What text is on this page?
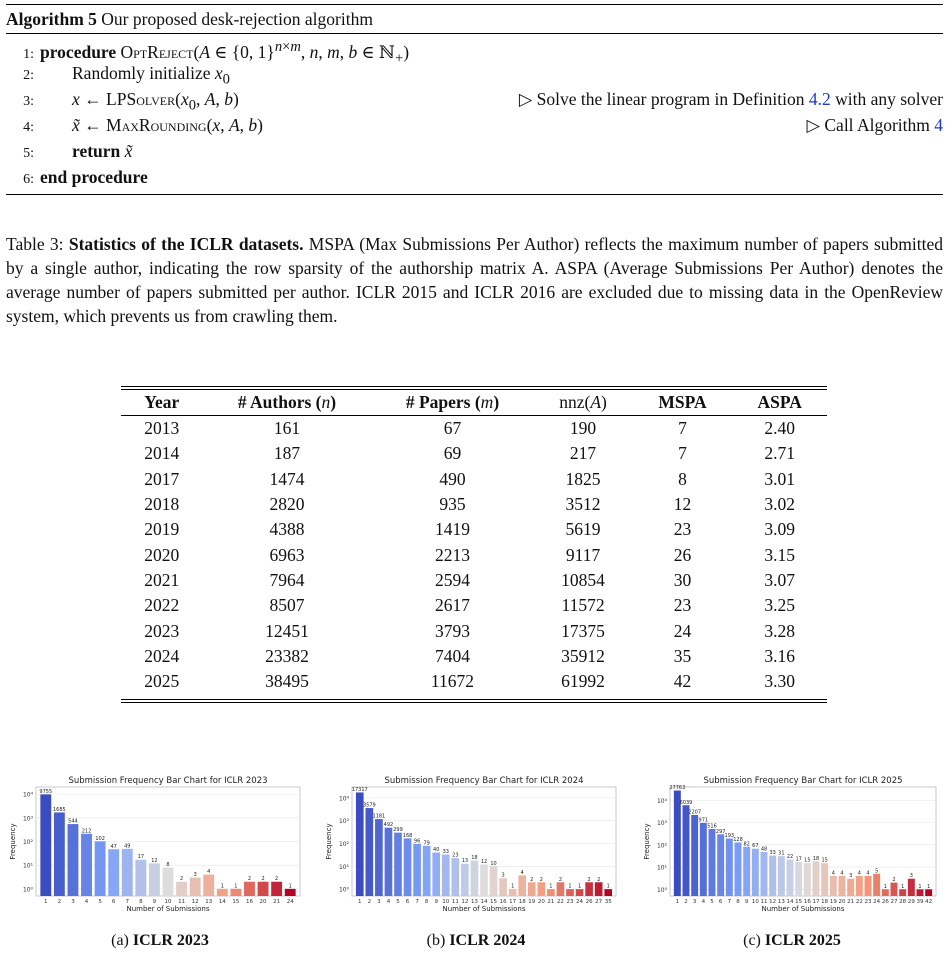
Algorithm 5 Our proposed desk-rejection algorithm
1: procedure OptReject(A ∈ {0, 1}$^{n\times m}$, n, m, b ∈ ℕ$_+$)
2: Randomly initialize $x_0$
3: x ← $LPSolver(x_0$, A, b)	▷ Solve the linear program in Definition 4.2 with any solver
4: x̃ ← MaxRounding(x, A, b)	▷ Call Algorithm 4
5: return x̃
6: end procedure
Table 3: Statistics of the ICLR datasets. MSPA (Max Submissions Per Author) reflects the maximum number of papers submitted by a single author, indicating the row sparsity of the authorship matrix A. ASPA (Average Submissions Per Author) denotes the average number of papers submitted per author. ICLR 2015 and ICLR 2016 are excluded due to missing data in the OpenReview system, which prevents us from crawling them.
Year	# Authors (n)	# Papers (m)	nnz(A)	MSPA	ASPA
2013	161	67	190	7	2.40
2014	187	69	217	7	2.71
2017	1474	490	1825	8	3.01
2018	2820	935	3512	12	3.02
2019	4388	1419	5619	23	3.09
2020	6963	2213	9117	26	3.15
2021	7964	2594	10854	30	3.07
2022	8507	2617	11572	23	3.25
2023	12451	3793	17375	24	3.28
2024	23382	7404	35912	35	3.16
2025	38495	11672	61992	42	3.30
Submission Frequency Bar Chart for ICLR 2023
10⁰
10¹
10²
10³
10⁴
Frequency
9755
1
1685
2
544
3
212
4
102
5
47
6
49
7
17
8
12
9
8
10
2
11
3
12
4
13
1
14
1
15
2
16
2
20
2
21
1
24
Number of Submissions
Submission Frequency Bar Chart for ICLR 2024
10⁰
10¹
10²
10³
10⁴
Frequency
17317
1
3579
2
1181
3
492
4
299
5
168
6
96
7
79
8
40
9
33
10
23
11
13
12
18
13
12
14
10
15
3
16
1
17
4
18
2
19
2
20
1
21
2
22
1
23
1
24
2
26
2
27
1
35
Number of Submissions
Submission Frequency Bar Chart for ICLR 2025
10⁰
10¹
10²
10³
10⁴
Frequency
27763
1
6039
2
2207
3
971
4
516
5
297
6
193
7
128
8
82
9
67
10
48
11
33
12
31
13
22
14
17
15
15
16
18
17
15
18
4
19
4
20
3
21
4
22
4
23
5
24
1
26
2
27
1
28
3
29
1
39
1
42
Number of Submissions
(a) ICLR 2023	(b) ICLR 2024	(c) ICLR 2025
